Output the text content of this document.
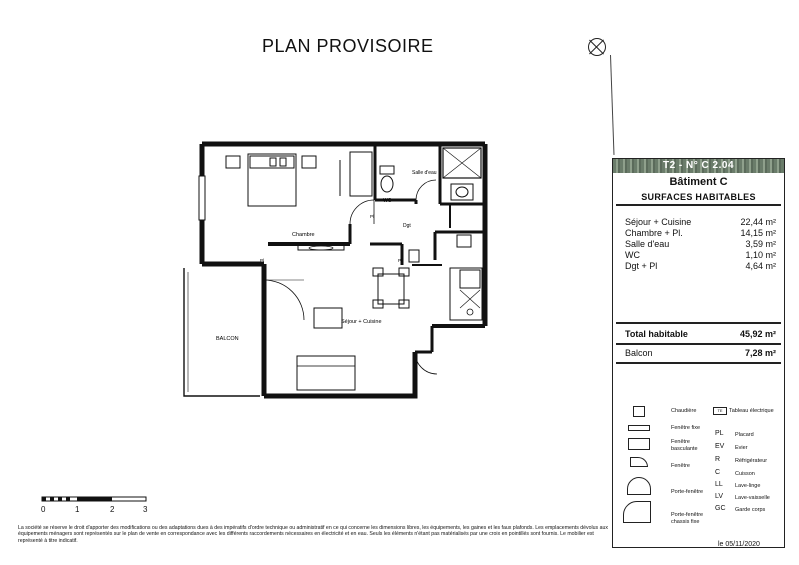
PLAN PROVISOIRE
Chambre
Séjour + Cuisine
BALCON
WC
Salle d'eau
Dgt
Pl
Pl	Pl
T2 - N° C 2.04
Bâtiment C
SURFACES HABITABLES
Séjour + Cuisine	22,44 m²
Chambre + Pl.	14,15 m²
Salle d'eau	3,59 m²
WC	1,10 m²
Dgt + Pl	4,64 m²
Total habitable	45,92 m²
Balcon	7,28 m²
Chaudière	TE	Tableau électrique
Fenêtre fixe
Fenêtre basculante
Fenêtre
Porte-fenêtre
Porte-fenêtre chassis fixe
PL Placard
EV Evier
R	Réfrigérateur
C	Cuisson
LL Lave-linge
LV Lave-vaisselle
GC Garde corps
0	1	2	3
La société se réserve le droit d'apporter des modifications ou des adaptations dues à des impératifs d'ordre technique ou administratif en ce qui concerne les dimensions libres, les équipements, les gaines et les faux plafonds. Les emplacements dévolus aux équipements ménagers sont représentés sur le plan de vente en correspondance avec les différents raccordements nécessaires en électricité et en eau. Seuls les éléments n'étant pas matérialisés par une croix en pointillés sont fournis. Le mobilier est représenté à titre indicatif.
le 05/11/2020
